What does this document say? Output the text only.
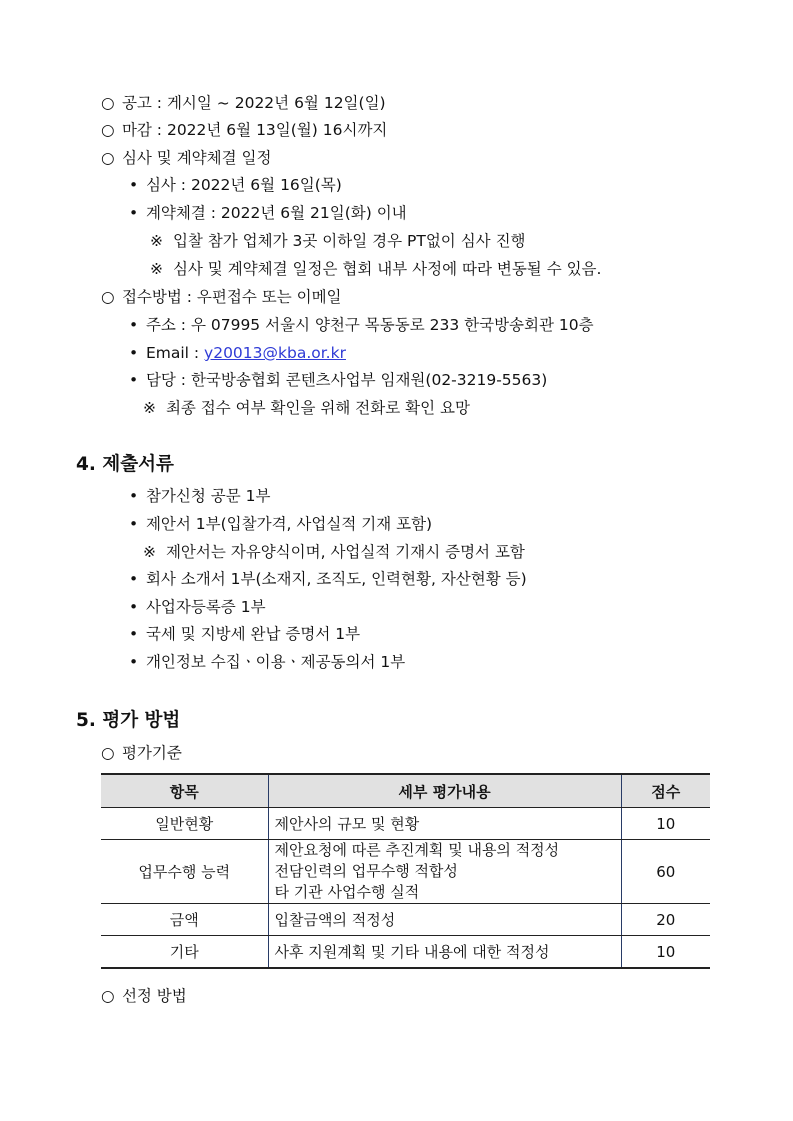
○ 공고 : 게시일 ~ 2022년 6월 12일(일)
○ 마감 : 2022년 6월 13일(월) 16시까지
○ 심사 및 계약체결 일정
• 심사 : 2022년 6월 16일(목)
• 계약체결 : 2022년 6월 21일(화) 이내
※ 입찰 참가 업체가 3곳 이하일 경우 PT없이 심사 진행
※ 심사 및 계약체결 일정은 협회 내부 사정에 따라 변동될 수 있음.
○ 접수방법 : 우편접수 또는 이메일
• 주소 : 우 07995 서울시 양천구 목동동로 233 한국방송회관 10층
• Email : y20013@kba.or.kr
• 담당 : 한국방송협회 콘텐츠사업부 임재원(02-3219-5563)
※ 최종 접수 여부 확인을 위해 전화로 확인 요망
4. 제출서류
• 참가신청 공문 1부
• 제안서 1부(입찰가격, 사업실적 기재 포함)
※ 제안서는 자유양식이며, 사업실적 기재시 증명서 포함
• 회사 소개서 1부(소재지, 조직도, 인력현황, 자산현황 등)
• 사업자등록증 1부
• 국세 및 지방세 완납 증명서 1부
• 개인정보 수집ㆍ이용ㆍ제공동의서 1부
5. 평가 방법
○ 평가기준
항목	세부 평가내용	점수
일반현황	제안사의 규모 및 현황	10
업무수행 능력	제안요청에 따른 추진계획 및 내용의 적정성
전담인력의 업무수행 적합성
타 기관 사업수행 실적	60
금액	입찰금액의 적정성	20
기타	사후 지원계획 및 기타 내용에 대한 적정성	10
○ 선정 방법
